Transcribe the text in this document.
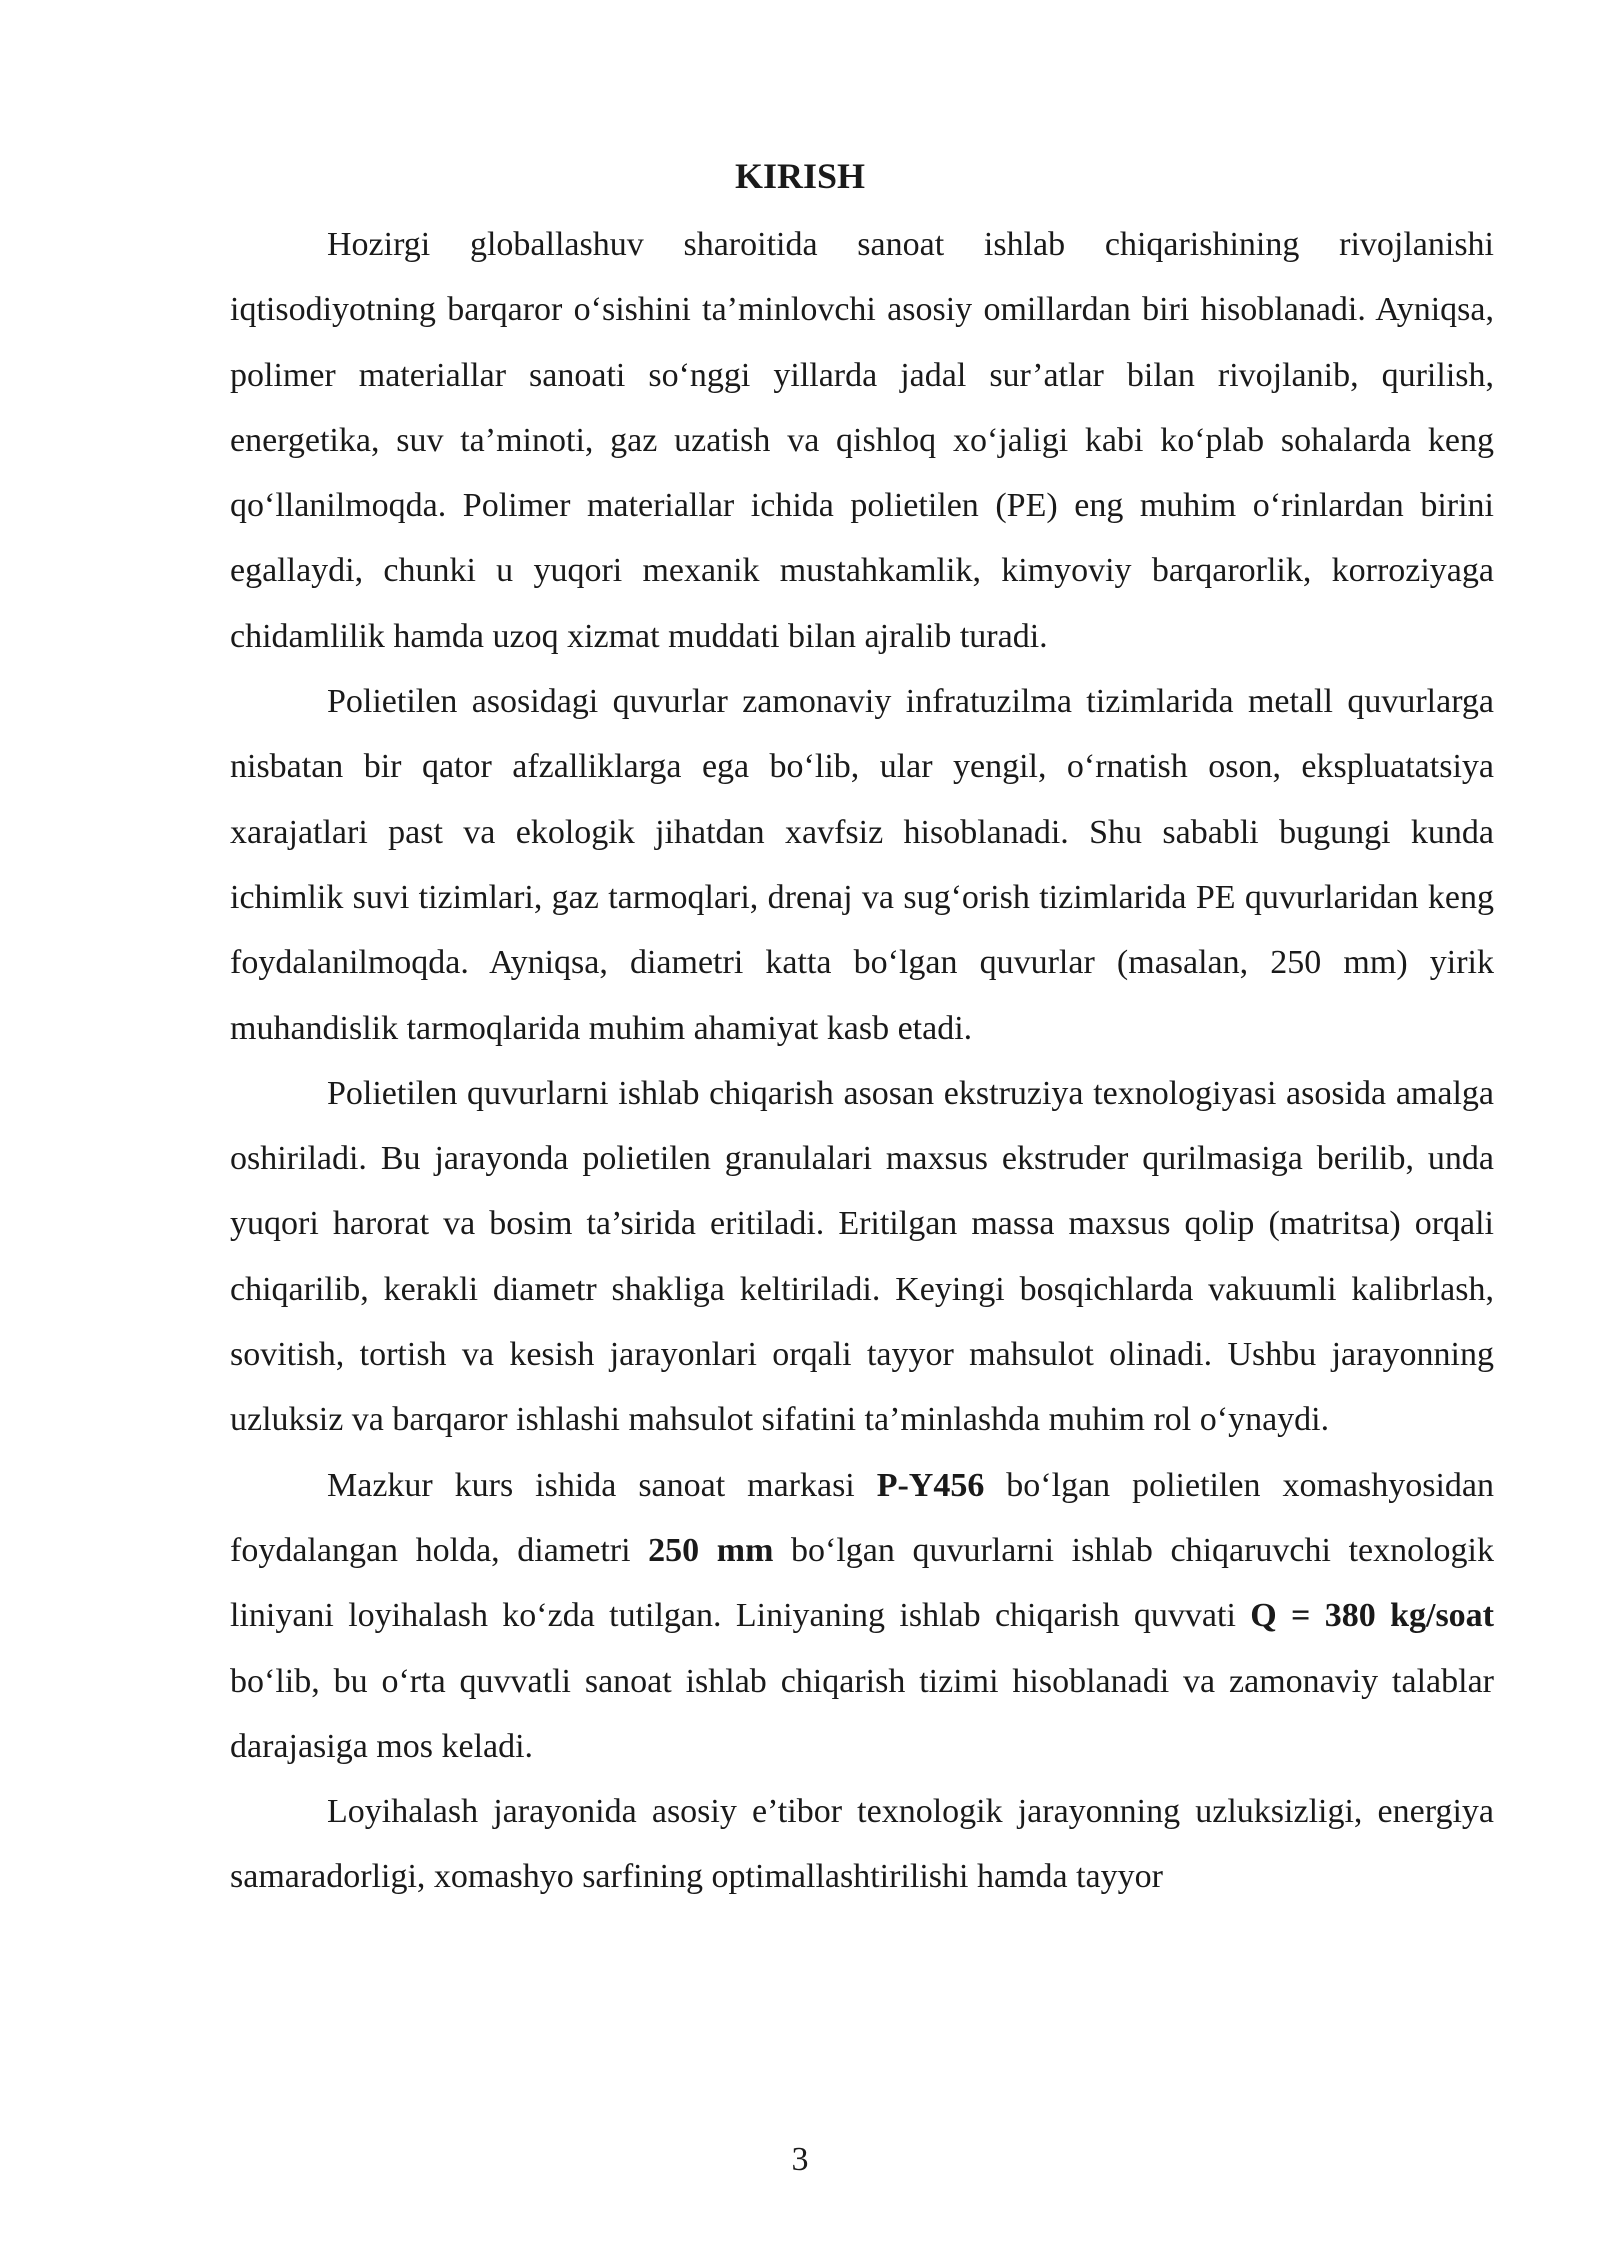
KIRISH

Hozirgi globallashuv sharoitida sanoat ishlab chiqarishining rivojlanishi iqtisodiyotning barqaror o‘sishini ta’minlovchi asosiy omillardan biri hisoblanadi. Ayniqsa, polimer materiallar sanoati so‘nggi yillarda jadal sur’atlar bilan rivojlanib, qurilish, energetika, suv ta’minoti, gaz uzatish va qishloq xo‘jaligi kabi ko‘plab sohalarda keng qo‘llanilmoqda. Polimer materiallar ichida polietilen (PE) eng muhim o‘rinlardan birini egallaydi, chunki u yuqori mexanik mustahkamlik, kimyoviy barqarorlik, korroziyaga chidamlilik hamda uzoq xizmat muddati bilan ajralib turadi.

Polietilen asosidagi quvurlar zamonaviy infratuzilma tizimlarida metall quvurlarga nisbatan bir qator afzalliklarga ega bo‘lib, ular yengil, o‘rnatish oson, ekspluatatsiya xarajatlari past va ekologik jihatdan xavfsiz hisoblanadi. Shu sababli bugungi kunda ichimlik suvi tizimlari, gaz tarmoqlari, drenaj va sug‘orish tizimlarida PE quvurlaridan keng foydalanilmoqda. Ayniqsa, diametri katta bo‘lgan quvurlar (masalan, 250 mm) yirik muhandislik tarmoqlarida muhim ahamiyat kasb etadi.

Polietilen quvurlarni ishlab chiqarish asosan ekstruziya texnologiyasi asosida amalga oshiriladi. Bu jarayonda polietilen granulalari maxsus ekstruder qurilmasiga berilib, unda yuqori harorat va bosim ta’sirida eritiladi. Eritilgan massa maxsus qolip (matritsa) orqali chiqarilib, kerakli diametr shakliga keltiriladi. Keyingi bosqichlarda vakuumli kalibrlash, sovitish, tortish va kesish jarayonlari orqali tayyor mahsulot olinadi. Ushbu jarayonning uzluksiz va barqaror ishlashi mahsulot sifatini ta’minlashda muhim rol o‘ynaydi.

Mazkur kurs ishida sanoat markasi P-Y456 bo‘lgan polietilen xomashyosidan foydalangan holda, diametri 250 mm bo‘lgan quvurlarni ishlab chiqaruvchi texnologik liniyani loyihalash ko‘zda tutilgan. Liniyaning ishlab chiqarish quvvati Q = 380 kg/soat bo‘lib, bu o‘rta quvvatli sanoat ishlab chiqarish tizimi hisoblanadi va zamonaviy talablar darajasiga mos keladi.

Loyihalash jarayonida asosiy e’tibor texnologik jarayonning uzluksizligi, energiya samaradorligi, xomashyo sarfining optimallashtirilishi hamda tayyor

3
